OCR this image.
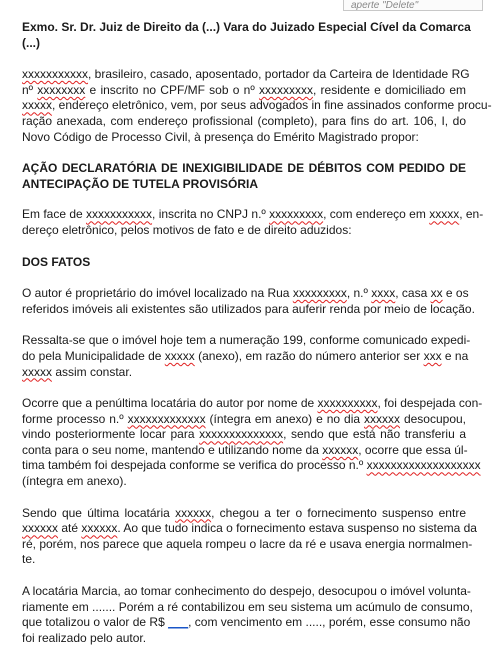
aperte "Delete"

Exmo. Sr. Dr. Juiz de Direito da (...) Vara do Juizado Especial Cível da Comarca
(...)

xxxxxxxxxxx, brasileiro, casado, aposentado, portador da Carteira de Identidade RG
nº xxxxxxxx e inscrito no CPF/MF sob o nº xxxxxxxxx, residente e domiciliado em
xxxxx, endereço eletrônico, vem, por seus advogados in fine assinados conforme procu-
ração anexada, com endereço profissional (completo), para fins do art. 106, I, do
Novo Código de Processo Civil, à presença do Emérito Magistrado propor:

AÇÃO DECLARATÓRIA DE INEXIGIBILIDADE DE DÉBITOS COM PEDIDO DE
ANTECIPAÇÃO DE TUTELA PROVISÓRIA

Em face de xxxxxxxxxxx, inscrita no CNPJ n.º xxxxxxxxx, com endereço em xxxxx, en-
dereço eletrônico, pelos motivos de fato e de direito aduzidos:

DOS FATOS

O autor é proprietário do imóvel localizado na Rua xxxxxxxxx, n.º xxxx, casa xx e os
referidos imóveis ali existentes são utilizados para auferir renda por meio de locação.

Ressalta-se que o imóvel hoje tem a numeração 199, conforme comunicado expedi-
do pela Municipalidade de xxxxx (anexo), em razão do número anterior ser xxx e na
xxxxx assim constar.

Ocorre que a penúltima locatária do autor por nome de xxxxxxxxxx, foi despejada con-
forme processo n.º xxxxxxxxxxxxx (íntegra em anexo) e no dia xxxxxx desocupou,
vindo posteriormente locar para xxxxxxxxxxxxxx, sendo que está não transferiu a
conta para o seu nome, mantendo e utilizando nome da xxxxxx, ocorre que essa úl-
tima também foi despejada conforme se verifica do processo n.º xxxxxxxxxxxxxxxxxxx
(íntegra em anexo).

Sendo que última locatária xxxxxx, chegou a ter o fornecimento suspenso entre
xxxxxx até xxxxxx. Ao que tudo indica o fornecimento estava suspenso no sistema da
ré, porém, nos parece que aquela rompeu o lacre da ré e usava energia normalmen-
te.

A locatária Marcia, ao tomar conhecimento do despejo, desocupou o imóvel volunta-
riamente em ....... Porém a ré contabilizou em seu sistema um acúmulo de consumo,
que totalizou o valor de R$ ___, com vencimento em ....., porém, esse consumo não
foi realizado pelo autor.
